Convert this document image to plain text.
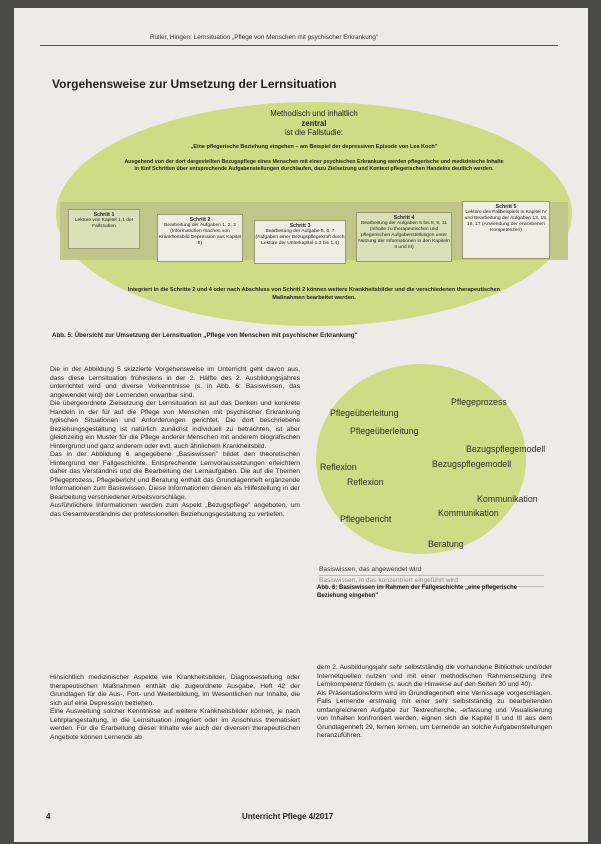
Rüller, Hingen: Lernsituation „Pflege von Menschen mit psychischer Erkrankung"
Vorgehensweise zur Umsetzung der Lernsituation
Methodisch und inhaltlich
zentral
ist die Fallstudie:
„Eine pflegerische Beziehung eingehen – am Beispiel der depressiven Episode von Lea Koch"
Ausgehend von der dort dargestellten Bezugspflege eines Menschen mit einer psychischen Erkrankung werden pflegerische und medizinische Inhalte in fünf Schritten über entsprechende Aufgabenstellungen durchlaufen, dazu Zielsetzung und Kontext pflegerischen Handelns deutlich werden.
Schritt 1
Lektüre von Kapitel 1.1 der Fallstudien
Schritt 2
Bearbeitung der Aufgaben 1, 2, 3 (Informationen machen von Krankheitsbild Depression aus Kapitel II)
Schritt 3
Bearbeitung der Aufgabe 5, 6, 7 (Aufgaben einer Bezugspflegekraft durch Lektüre der Unterkapitel 1.3 bis 1.4)
Schritt 4
Bearbeitung der Aufgaben 5 bis 8, 9, 11 (Inhalte zu therapeutischen und pflegerischen Aufgabenstellungen unter Nutzung der Informationen in den Kapiteln II und III)
Schritt 5
Lektüre des Fallbeispiels in Kapitel IV und Bearbeitung der Aufgaben 13, 15, 16, 17 (Anwendung der erworbenen Kompetenzen)
Integriert in die Schritte 2 und 4 oder nach Abschluss von Schritt 2 können weitere Krankheitsbilder und die verschiedenen therapeutischen Maßnahmen bearbeitet werden.
Abb. 5: Übersicht zur Umsetzung der Lernsituation „Pflege von Menschen mit psychischer Erkrankung"

Die in der Abbildung 5 skizzierte Vorgehensweise im Unterricht geht davon aus, dass diese Lernsituation frühestens in der 2. Hälfte des 2. Ausbildungsjahres unterrichtet wird und diverse Vorkenntnisse (s. in Abb. 6: Basiswissen, das angewendet wird) der Lernenden erwartbar sind.

Die übergeordnete Zielsetzung der Lernsituation ist auf das Denken und konkrete Handeln in der für auf die Pflege von Menschen mit psychischer Erkrankung typischen Situationen und Anforderungen gerichtet. Die dort beschriebene Beziehungsgestaltung ist natürlich zunächst individuell zu betrachten, ist aber gleichzeitig ein Muster für die Pflege anderer Menschen mit anderem biografischen Hintergrund und ganz anderem oder evtl. auch ähnlichem Krankheitsbild.

Das in der Abbildung 6 angegebene „Basiswissen" bildet den theoretischen Hintergrund der Fallgeschichte. Entsprechende Lernvoraussetzungen erleichtern daher das Verständnis und die Bearbeitung der Lernaufgaben. Die auf die Themen Pflegeprozess, Pflegebericht und Beratung enthält das Grundlagenheft ergänzende Informationen zum Basiswissen. Diese Informationen dienen als Hilfestellung in der Bearbeitung verschiedener Arbeitsvorschläge.

Ausführlichere Informationen werden zum Aspekt „Bezugspflege" angeboten, um das Gesamtverständnis der professionellen Beziehungsgestaltung zu vertiefen.

Hinsichtlich medizinischer Aspekte wie Krankheitsbilder, Diagnosestellung oder therapeutischen Maßnahmen enthält die zugeordnete Ausgabe, Heft 42 der Grundlagen für die Aus-, Fort- und Weiterbildung, im Wesentlichen nur Inhalte, die sich auf eine Depression beziehen.

Eine Ausweitung solcher Kenntnisse auf weitere Krankheitsbilder können, je nach Lehrplangestaltung, in die Lernsituation integriert oder im Anschluss thematisiert werden. Für die Erarbeitung dieser Inhalte wie auch der diversen therapeutischen Angebote können Lernende ab

Pflegeprozess
Pflegeüberleitung
Pflegeüberleitung
Bezugspflegemodell
Bezugspflegemodell
Reflexion
Reflexion
Kommunikation
Kommunikation
Pflegebericht
Beratung
Basiswissen, das angewendet wird
Basiswissen, in das konzentriert eingeführt wird
Abb. 6: Basiswissen im Rahmen der Fallgeschichte „eine pflegerische Beziehung eingehen"

dem 2. Ausbildungsjahr sehr selbstständig die vorhandene Bibliothek und/oder Internetquellen nutzen und mit einer methodischen Rahmensetzung ihre Lernkompetenz fördern (s. auch die Hinweise auf den Seiten 30 und 40).

Als Präsentationsform wird im Grundlagenheft eine Vernissage vorgeschlagen. Falls Lernende erstmalig mit einer sehr selbstständig zu bearbeitenden umfangreicheren Aufgabe zur Textrecherche, -erfassung und Visualisierung von Inhalten konfrontiert werden, eignen sich die Kapitel II und III aus dem Grundlagenheft 29, lernen lernen, um Lernende an solche Aufgabenstellungen heranzuführen.

4	Unterricht Pflege 4/2017
